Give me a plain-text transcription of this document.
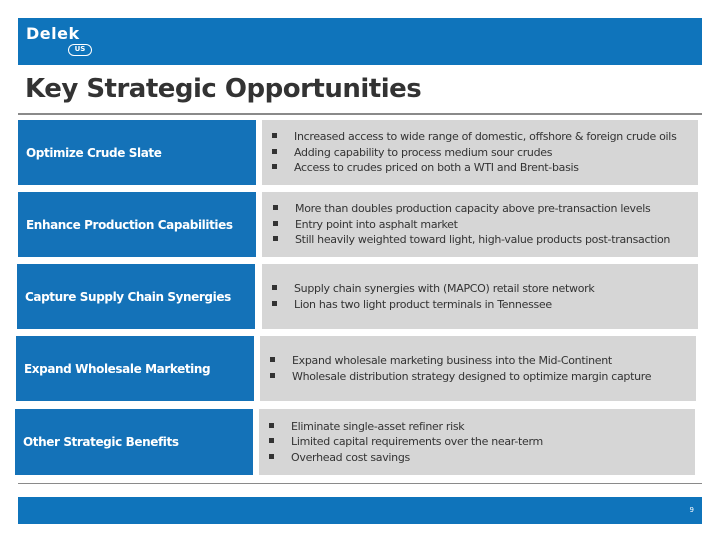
Delek
US
Key Strategic Opportunities
Optimize Crude Slate
Increased access to wide range of domestic, offshore & foreign crude oils
Adding capability to process medium sour crudes
Access to crudes priced on both a WTI and Brent-basis
Enhance Production Capabilities
More than doubles production capacity above pre-transaction levels
Entry point into asphalt market
Still heavily weighted toward light, high-value products post-transaction
Capture Supply Chain Synergies
Supply chain synergies with (MAPCO) retail store network
Lion has two light product terminals in Tennessee
Expand Wholesale Marketing
Expand wholesale marketing business into the Mid-Continent
Wholesale distribution strategy designed to optimize margin capture
Other Strategic Benefits
Eliminate single-asset refiner risk
Limited capital requirements over the near-term
Overhead cost savings
9
